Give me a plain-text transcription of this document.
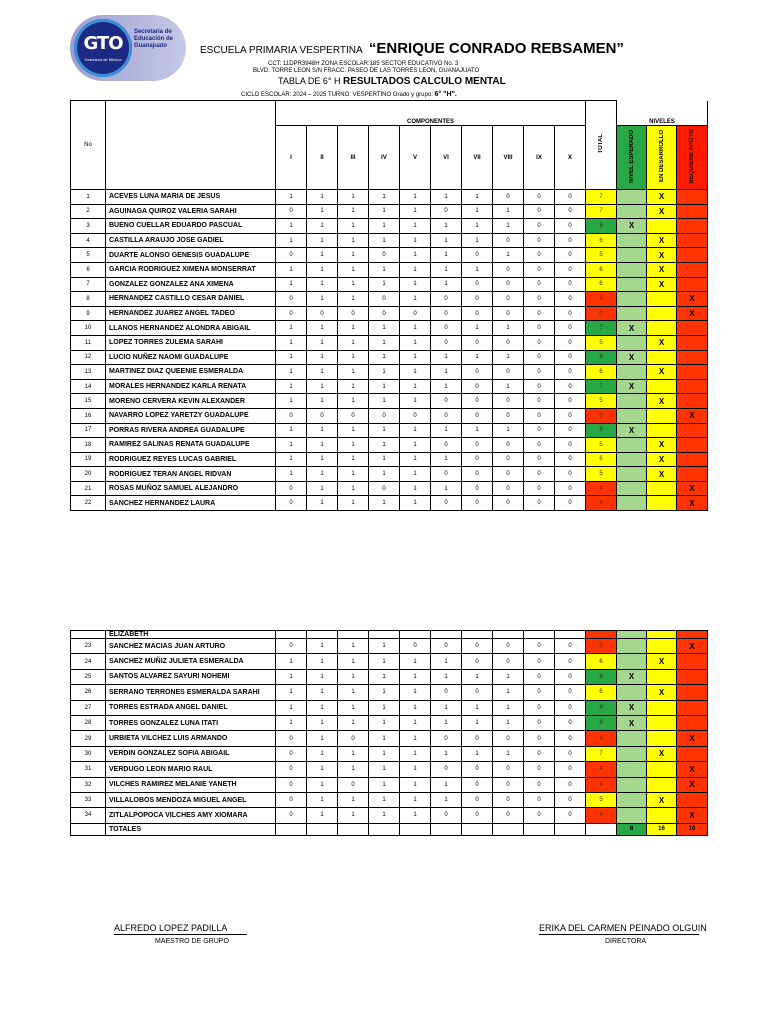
GTO
Grandeza de México
Secretaría de Educación de Guanajuato	ESCUELA PRIMARIA VESPERTINA “ENRIQUE CONRADO REBSAMEN”
CCT: 11DPR3948H ZONA ESCOLAR:185 SECTOR EDUCATIVO No. 3
BLVD. TORRE LEON S/N FRACC. PASEO DE LAS TORRES LEON, GUANAJUATO
TABLA DE 6° H RESULTADOS CALCULO MENTAL
CICLO ESCOLAR: 2024 – 2025 TURNO: VESPERTINO Grado y grupo: 6° "H".
No		COMPONENTES										TOTAL	NIVELES		
		I	II	III	IV	V	VI	VII	VIII	IX	X		NIVEL ESPERADO	EN DESARROLLO	REQUIERE APOYO
1	ACEVES LUNA MARIA DE JESUS	1	1	1	1	1	1	1	0	0	0	7		X	
2	AGUINAGA QUIROZ VALERIA SARAHI	0	1	1	1	1	0	1	1	0	0	7		X	
3	BUENO CUELLAR EDUARDO PASCUAL	1	1	1	1	1	1	1	1	0	0	8	X		
4	CASTILLA ARAUJO JOSE GADIEL	1	1	1	1	1	1	1	0	0	0	6		X	
5	DUARTE ALONSO GENESIS GUADALUPE	0	1	1	0	1	1	0	1	0	0	5		X	
6	GARCIA RODRIGUEZ XIMENA MONSERRAT	1	1	1	1	1	1	1	0	0	0	6		X	
7	GONZALEZ GONZALEZ ANA XIMENA	1	1	1	1	1	1	0	0	0	0	6		X	
8	HERNANDEZ CASTILLO CESAR DANIEL	0	1	1	0	1	0	0	0	0	0	3			X
9	HERNANDEZ JUAREZ ANGEL TADEO	0	0	0	0	0	0	0	0	0	0	0			X
10	LLANOS HERNANDEZ ALONDRA ABIGAIL	1	1	1	1	1	0	1	1	0	0	7	X		
11	LOPEZ TORRES ZULEMA SARAHI	1	1	1	1	1	0	0	0	0	0	5		X	
12	LUCIO NUÑEZ NAOMI GUADALUPE	1	1	1	1	1	1	1	1	0	0	8	X		
13	MARTINEZ DIAZ QUEENIE ESMERALDA	1	1	1	1	1	1	0	0	0	0	6		X	
14	MORALES HERNANDEZ KARLA RENATA	1	1	1	1	1	1	0	1	0	0	7	X		
15	MORENO CERVERA KEVIN ALEXANDER	1	1	1	1	1	0	0	0	0	0	5		X	
16	NAVARRO LOPEZ YARETZY GUADALUPE	0	0	0	0	0	0	0	0	0	0	0			X
17	PORRAS RIVERA ANDREA GUADALUPE	1	1	1	1	1	1	1	1	0	0	8	X		
18	RAMIREZ SALINAS RENATA GUADALUPE	1	1	1	1	1	0	0	0	0	0	5		X	
19	RODRIGUEZ REYES LUCAS GABRIEL	1	1	1	1	1	1	0	0	0	0	6		X	
20	RODRIGUEZ TERAN ANGEL RIDVAN	1	1	1	1	1	0	0	0	0	0	5		X	
21	ROSAS MUÑOZ SAMUEL ALEJANDRO	0	1	1	0	1	1	0	0	0	0	4			X
22	SANCHEZ HERNANDEZ LAURA	0	1	1	1	1	0	0	0	0	0	4			X
	ELIZABETH														
23	SANCHEZ MACIAS JUAN ARTURO	0	1	1	1	0	0	0	0	0	0	3			X
24	SANCHEZ MUÑIZ JULIETA ESMERALDA	1	1	1	1	1	1	0	0	0	0	6		X	
25	SANTOS ALVAREZ SAYURI NOHEMI	1	1	1	1	1	1	1	1	0	0	8	X		
26	SERRANO TERRONES ESMERALDA SARAHI	1	1	1	1	1	0	0	1	0	0	6		X	
27	TORRES ESTRADA ANGEL DANIEL	1	1	1	1	1	1	1	1	0	0	8	X		
28	TORRES GONZALEZ LUNA ITATI	1	1	1	1	1	1	1	1	0	0	8	X		
29	URBIETA VILCHEZ LUIS ARMANDO	0	1	0	1	1	0	0	0	0	0	3			X
30	VERDIN GONZALEZ SOFIA ABIGAIL	0	1	1	1	1	1	1	1	0	0	7		X	
31	VERDUGO LEON MARIO RAUL	0	1	1	1	1	0	0	0	0	0	4			X
32	VILCHES RAMIREZ MELANIE YANETH	0	1	0	1	1	1	0	0	0	0	4			X
33	VILLALOBOS MENDOZA MIGUEL ANGEL	0	1	1	1	1	1	0	0	0	0	5		X	
34	ZITLALPOPOCA VILCHES AMY XIOMARA	0	1	1	1	1	0	0	0	0	0	4			X
	TOTALES												8	16	10
ALFREDO LOPEZ PADILLA
MAESTRO DE GRUPO
ERIKA DEL CARMEN PEINADO OLGUIN
DIRECTORA
